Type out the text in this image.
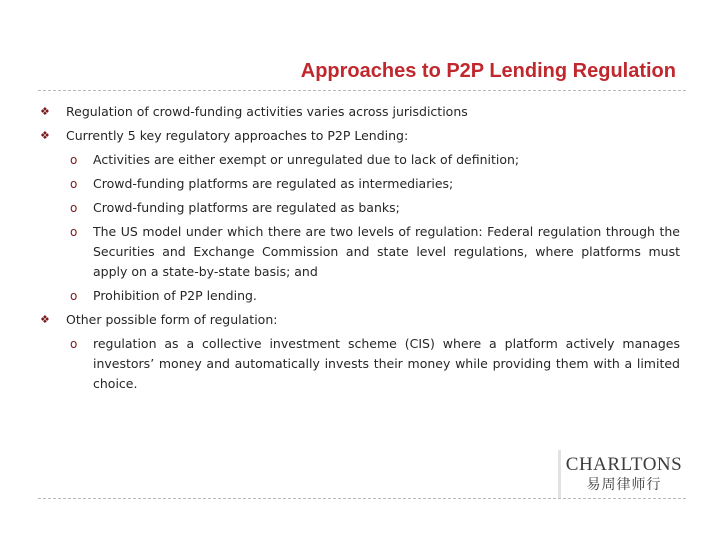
Approaches to P2P Lending Regulation
❖ Regulation of crowd-funding activities varies across jurisdictions
❖ Currently 5 key regulatory approaches to P2P Lending:
o Activities are either exempt or unregulated due to lack of definition;
o Crowd-funding platforms are regulated as intermediaries;
o Crowd-funding platforms are regulated as banks;
o The US model under which there are two levels of regulation: Federal regulation through the Securities and Exchange Commission and state level regulations, where platforms must apply on a state-by-state basis; and
o Prohibition of P2P lending.
❖ Other possible form of regulation:
o regulation as a collective investment scheme (CIS) where a platform actively manages investors’ money and automatically invests their money while providing them with a limited choice.
CHARLTONS
易周律师行
